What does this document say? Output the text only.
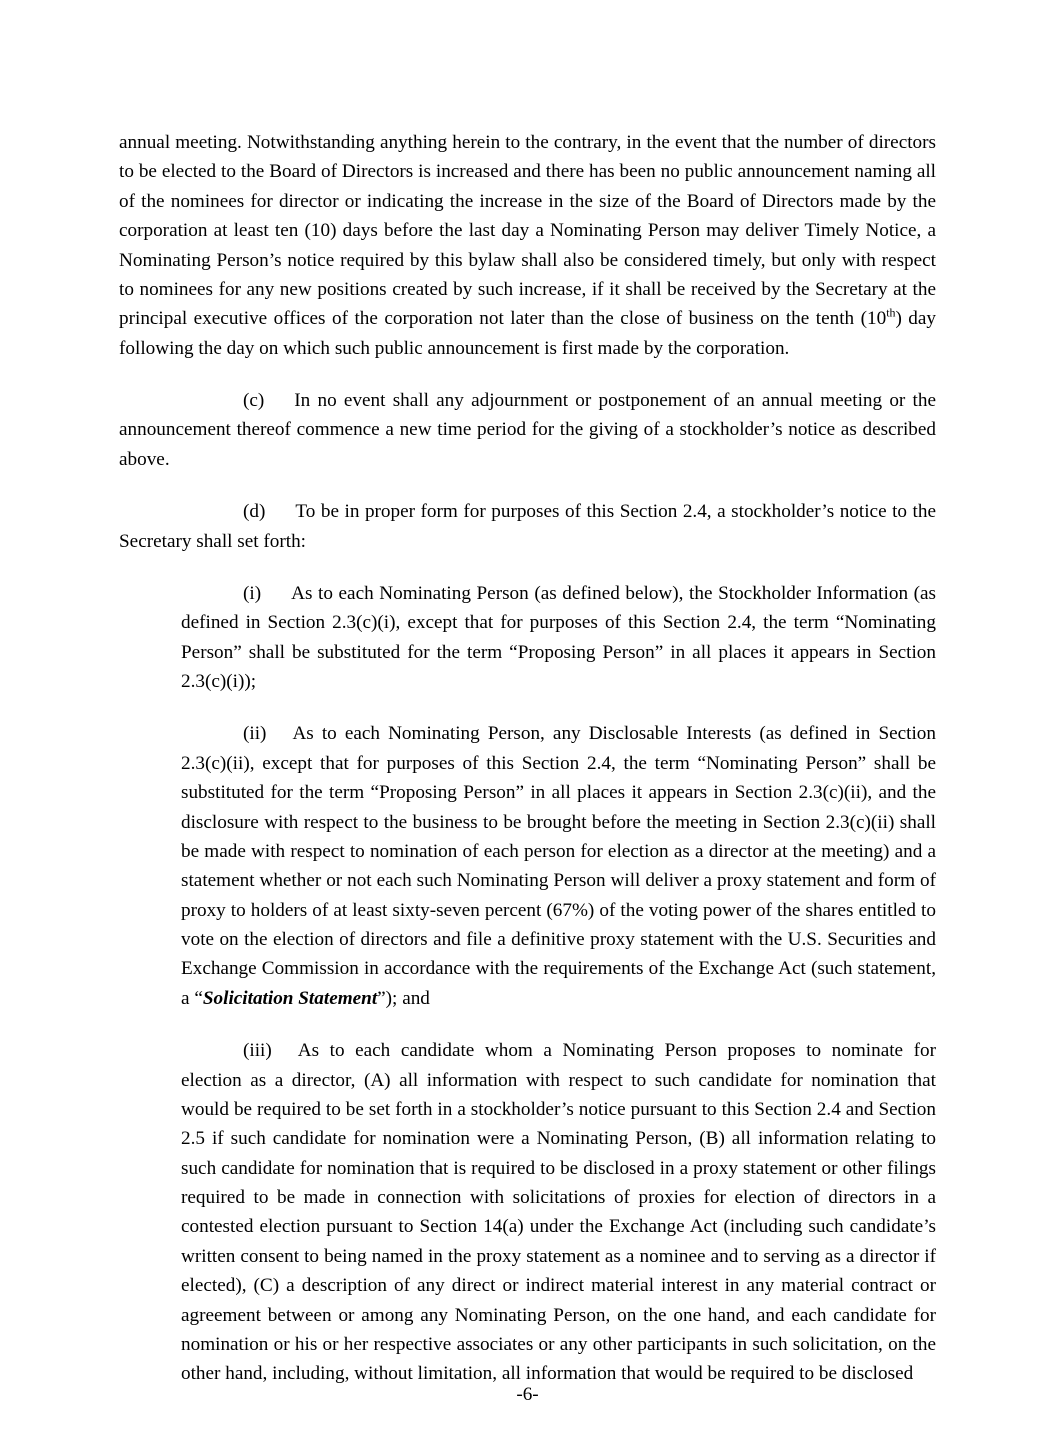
annual meeting. Notwithstanding anything herein to the contrary, in the event that the number of directors to be elected to the Board of Directors is increased and there has been no public announcement naming all of the nominees for director or indicating the increase in the size of the Board of Directors made by the corporation at least ten (10) days before the last day a Nominating Person may deliver Timely Notice, a Nominating Person’s notice required by this bylaw shall also be considered timely, but only with respect to nominees for any new positions created by such increase, if it shall be received by the Secretary at the principal executive offices of the corporation not later than the close of business on the tenth (10th) day following the day on which such public announcement is first made by the corporation.

(c) In no event shall any adjournment or postponement of an annual meeting or the announcement thereof commence a new time period for the giving of a stockholder’s notice as described above.

(d) To be in proper form for purposes of this Section 2.4, a stockholder’s notice to the Secretary shall set forth:

(i) As to each Nominating Person (as defined below), the Stockholder Information (as defined in Section 2.3(c)(i), except that for purposes of this Section 2.4, the term “Nominating Person” shall be substituted for the term “Proposing Person” in all places it appears in Section 2.3(c)(i));

(ii) As to each Nominating Person, any Disclosable Interests (as defined in Section 2.3(c)(ii), except that for purposes of this Section 2.4, the term “Nominating Person” shall be substituted for the term “Proposing Person” in all places it appears in Section 2.3(c)(ii), and the disclosure with respect to the business to be brought before the meeting in Section 2.3(c)(ii) shall be made with respect to nomination of each person for election as a director at the meeting) and a statement whether or not each such Nominating Person will deliver a proxy statement and form of proxy to holders of at least sixty-seven percent (67%) of the voting power of the shares entitled to vote on the election of directors and file a definitive proxy statement with the U.S. Securities and Exchange Commission in accordance with the requirements of the Exchange Act (such statement, a “Solicitation Statement”); and

(iii) As to each candidate whom a Nominating Person proposes to nominate for election as a director, (A) all information with respect to such candidate for nomination that would be required to be set forth in a stockholder’s notice pursuant to this Section 2.4 and Section 2.5 if such candidate for nomination were a Nominating Person, (B) all information relating to such candidate for nomination that is required to be disclosed in a proxy statement or other filings required to be made in connection with solicitations of proxies for election of directors in a contested election pursuant to Section 14(a) under the Exchange Act (including such candidate’s written consent to being named in the proxy statement as a nominee and to serving as a director if elected), (C) a description of any direct or indirect material interest in any material contract or agreement between or among any Nominating Person, on the one hand, and each candidate for nomination or his or her respective associates or any other participants in such solicitation, on the other hand, including, without limitation, all information that would be required to be disclosed

-6-
